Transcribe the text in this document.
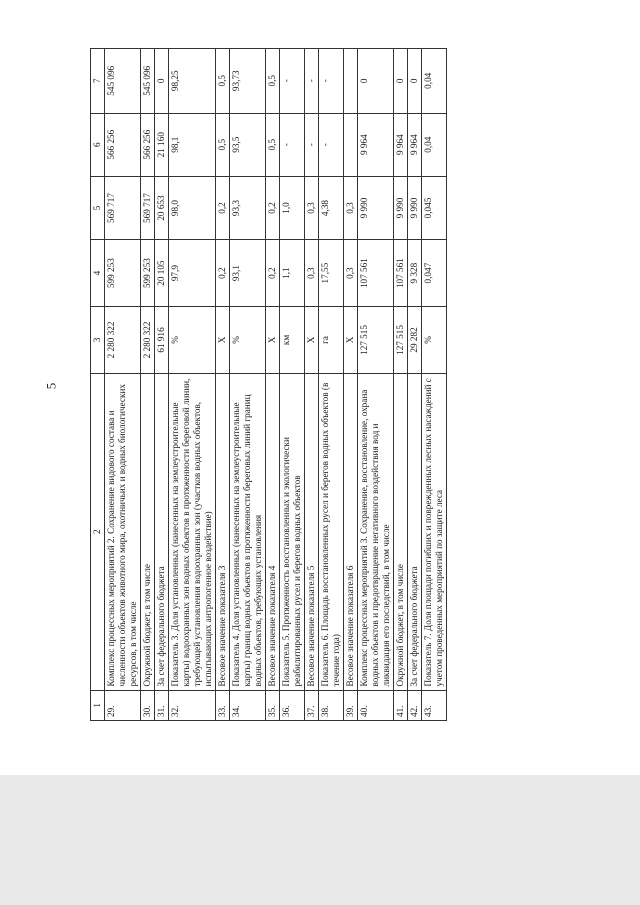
5
1	2	3	4	5	6	7
29.	Комплекс процессных мероприятий 2. Сохранение видового состава и численности объектов животного мира, охотничьих и водных биологических ресурсов, в том числе	2 280 322	599 253	569 717	566 256	545 096
30.	Окружной бюджет, в том числе	2 280 322	599 253	569 717	566 256	545 096
31.	За счет федерального бюджета	61 916	20 105	20 653	21 160	0
32.	Показатель 3. Доля установленных (нанесенных на землеустроительные карты) водоохранных зон водных объектов в протяженности береговой линии, требующей установления водоохранных зон (участков водных объектов, испытывающих антропогенное воздействие)	%	97,9	98,0	98,1	98,25
33.	Весовое значение показателя 3	X	0,2	0,2	0,5	0,5
34.	Показатель 4. Доля установленных (нанесенных на землеустроительные карты) границ водных объектов в протяженности береговых линий границ водных объектов, требующих установления	%	93,1	93,3	93,5	93,73
35.	Весовое значение показателя 4	X	0,2	0,2	0,5	0,5
36.	Показатель 5. Протяженность восстановленных и экологически реабилитированных русел и берегов водных объектов	км	1,1	1,0	-	-
37.	Весовое значение показателя 5	X	0,3	0,3	-	-
38.	Показатель 6. Площадь восстановленных русел и берегов водных объектов (в течение года)	га	17,55	4,38	-	-
39.	Весовое значение показателя 6	X	0,3	0,3		
40.	Комплекс процессных мероприятий 3. Сохранение, восстановление, охрана водных объектов и предотвращение негативного воздействия вод и ликвидация его последствий, в том числе	127 515	107 561	9 990	9 964	0
41.	Окружной бюджет, в том числе	127 515	107 561	9 990	9 964	0
42.	За счет федерального бюджета	29 282	9 328	9 990	9 964	0
43.	Показатель 7. Доля площади погибших и поврежденных лесных насаждений с учетом проведенных мероприятий по защите леса	%	0,047	0,045	0,04	0,04
